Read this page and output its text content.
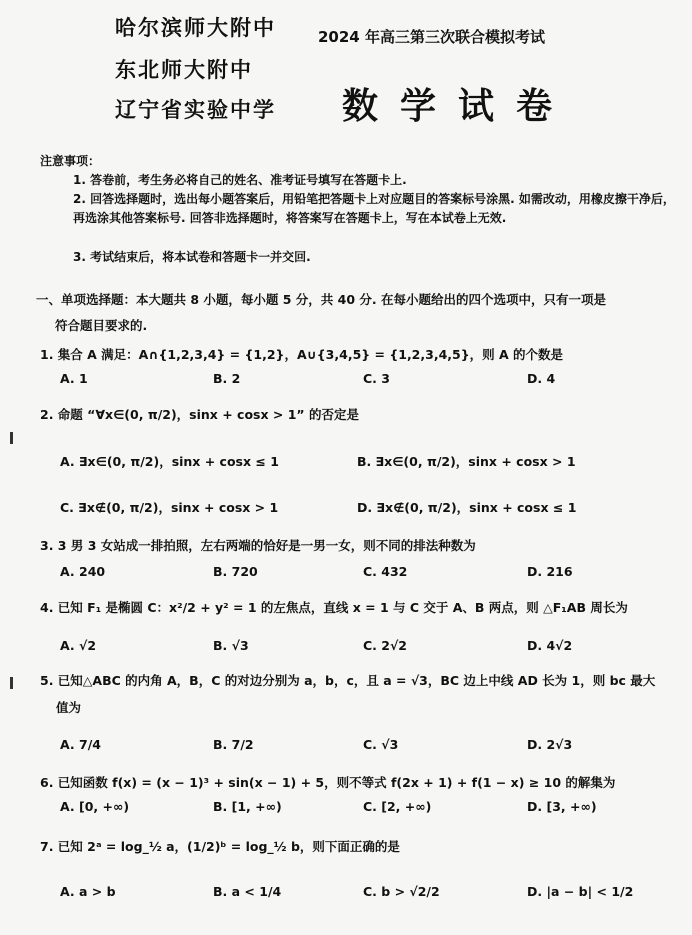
哈尔滨师大附中
东北师大附中
辽宁省实验中学
2024 年高三第三次联合模拟考试
数学试卷
注意事项：
1. 答卷前，考生务必将自己的姓名、准考证号填写在答题卡上.
2. 回答选择题时，选出每小题答案后，用铅笔把答题卡上对应题目的答案标号涂黑. 如需改动，用橡皮擦干净后，再选涂其他答案标号. 回答非选择题时，将答案写在答题卡上，写在本试卷上无效.
3. 考试结束后，将本试卷和答题卡一并交回.
一、单项选择题：本大题共 8 小题，每小题 5 分，共 40 分. 在每小题给出的四个选项中，只有一项是
符合题目要求的.
1. 集合 A 满足：A∩{1,2,3,4} = {1,2}，A∪{3,4,5} = {1,2,3,4,5}，则 A 的个数是
A. 1	B. 2	C. 3	D. 4
2. 命题 “∀x∈(0, π/2)，sinx + cosx > 1” 的否定是
A. ∃x∈(0, π/2)，sinx + cosx ≤ 1	B. ∃x∈(0, π/2)，sinx + cosx > 1
C. ∃x∉(0, π/2)，sinx + cosx > 1	D. ∃x∉(0, π/2)，sinx + cosx ≤ 1
3. 3 男 3 女站成一排拍照，左右两端的恰好是一男一女，则不同的排法种数为
A. 240	B. 720	C. 432	D. 216
4. 已知 F₁ 是椭圆 C：x²/2 + y² = 1 的左焦点，直线 x = 1 与 C 交于 A、B 两点，则 △F₁AB 周长为
A. √2	B. √3	C. 2√2	D. 4√2
5. 已知△ABC 的内角 A，B，C 的对边分别为 a，b，c，且 a = √3，BC 边上中线 AD 长为 1，则 bc 最大
值为
A. 7/4	B. 7/2	C. √3	D. 2√3
6. 已知函数 f(x) = (x − 1)³ + sin(x − 1) + 5，则不等式 f(2x + 1) + f(1 − x) ≥ 10 的解集为
A. [0, +∞)	B. [1, +∞)	C. [2, +∞)	D. [3, +∞)
7. 已知 2ᵃ = log_½ a，(1/2)ᵇ = log_½ b，则下面正确的是
A. a > b	B. a < 1/4	C. b > √2/2	D. |a − b| < 1/2
